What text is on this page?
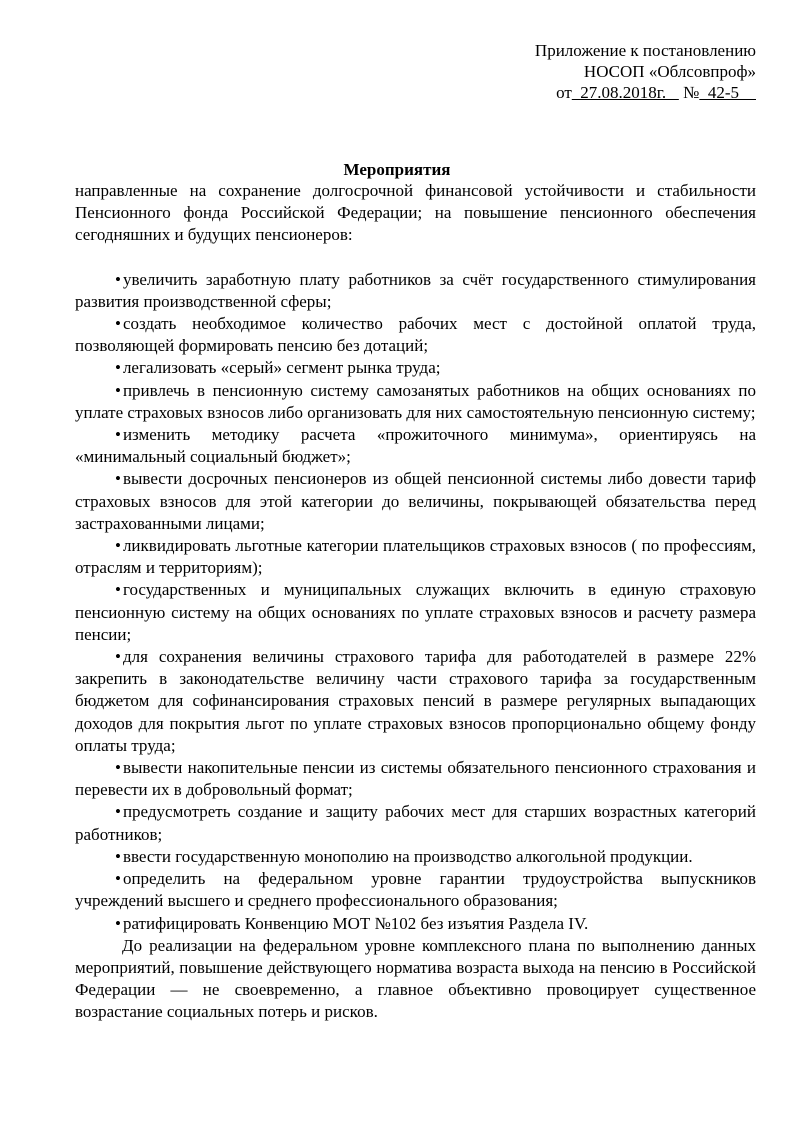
Приложение к постановлению
НОСОП «Облсовпроф»
от  27.08.2018г.    №  42-5
Мероприятия

направленные на сохранение долгосрочной финансовой устойчивости и стабильности Пенсионного фонда Российской Федерации; на повышение пенсионного обеспечения сегодняшних и будущих пенсионеров:

• увеличить заработную плату работников за счёт государственного стимулирования развития производственной сферы;

• создать необходимое количество рабочих мест с достойной оплатой труда, позволяющей формировать пенсию без дотаций;

• легализовать «серый» сегмент рынка труда;

• привлечь в пенсионную систему самозанятых работников на общих основаниях по уплате страховых взносов либо организовать для них самостоятельную пенсионную систему;

• изменить методику расчета «прожиточного минимума», ориентируясь на «минимальный социальный бюджет»;

• вывести досрочных пенсионеров из общей пенсионной системы либо довести тариф страховых взносов для этой категории до величины, покрывающей обязательства перед застрахованными лицами;

• ликвидировать льготные категории плательщиков страховых взносов ( по профессиям, отраслям и территориям);

• государственных и муниципальных служащих включить в единую страховую пенсионную систему на общих основаниях по уплате страховых взносов и расчету размера пенсии;

• для сохранения величины страхового тарифа для работодателей в размере 22% закрепить в законодательстве величину части страхового тарифа за государственным бюджетом для софинансирования страховых пенсий в размере регулярных выпадающих доходов для покрытия льгот по уплате страховых взносов пропорционально общему фонду оплаты труда;

• вывести накопительные пенсии из системы обязательного пенсионного страхования и перевести их в добровольный формат;

• предусмотреть создание и защиту рабочих мест для старших возрастных категорий работников;

• ввести государственную монополию на производство алкогольной продукции.

• определить на федеральном уровне гарантии трудоустройства выпускников учреждений высшего и среднего профессионального образования;

• ратифицировать Конвенцию МОТ №102 без изъятия Раздела IV.

До реализации на федеральном уровне комплексного плана по выполнению данных мероприятий, повышение действующего норматива возраста выхода на пенсию в Российской Федерации — не своевременно, а главное объективно провоцирует существенное возрастание социальных потерь и рисков.
